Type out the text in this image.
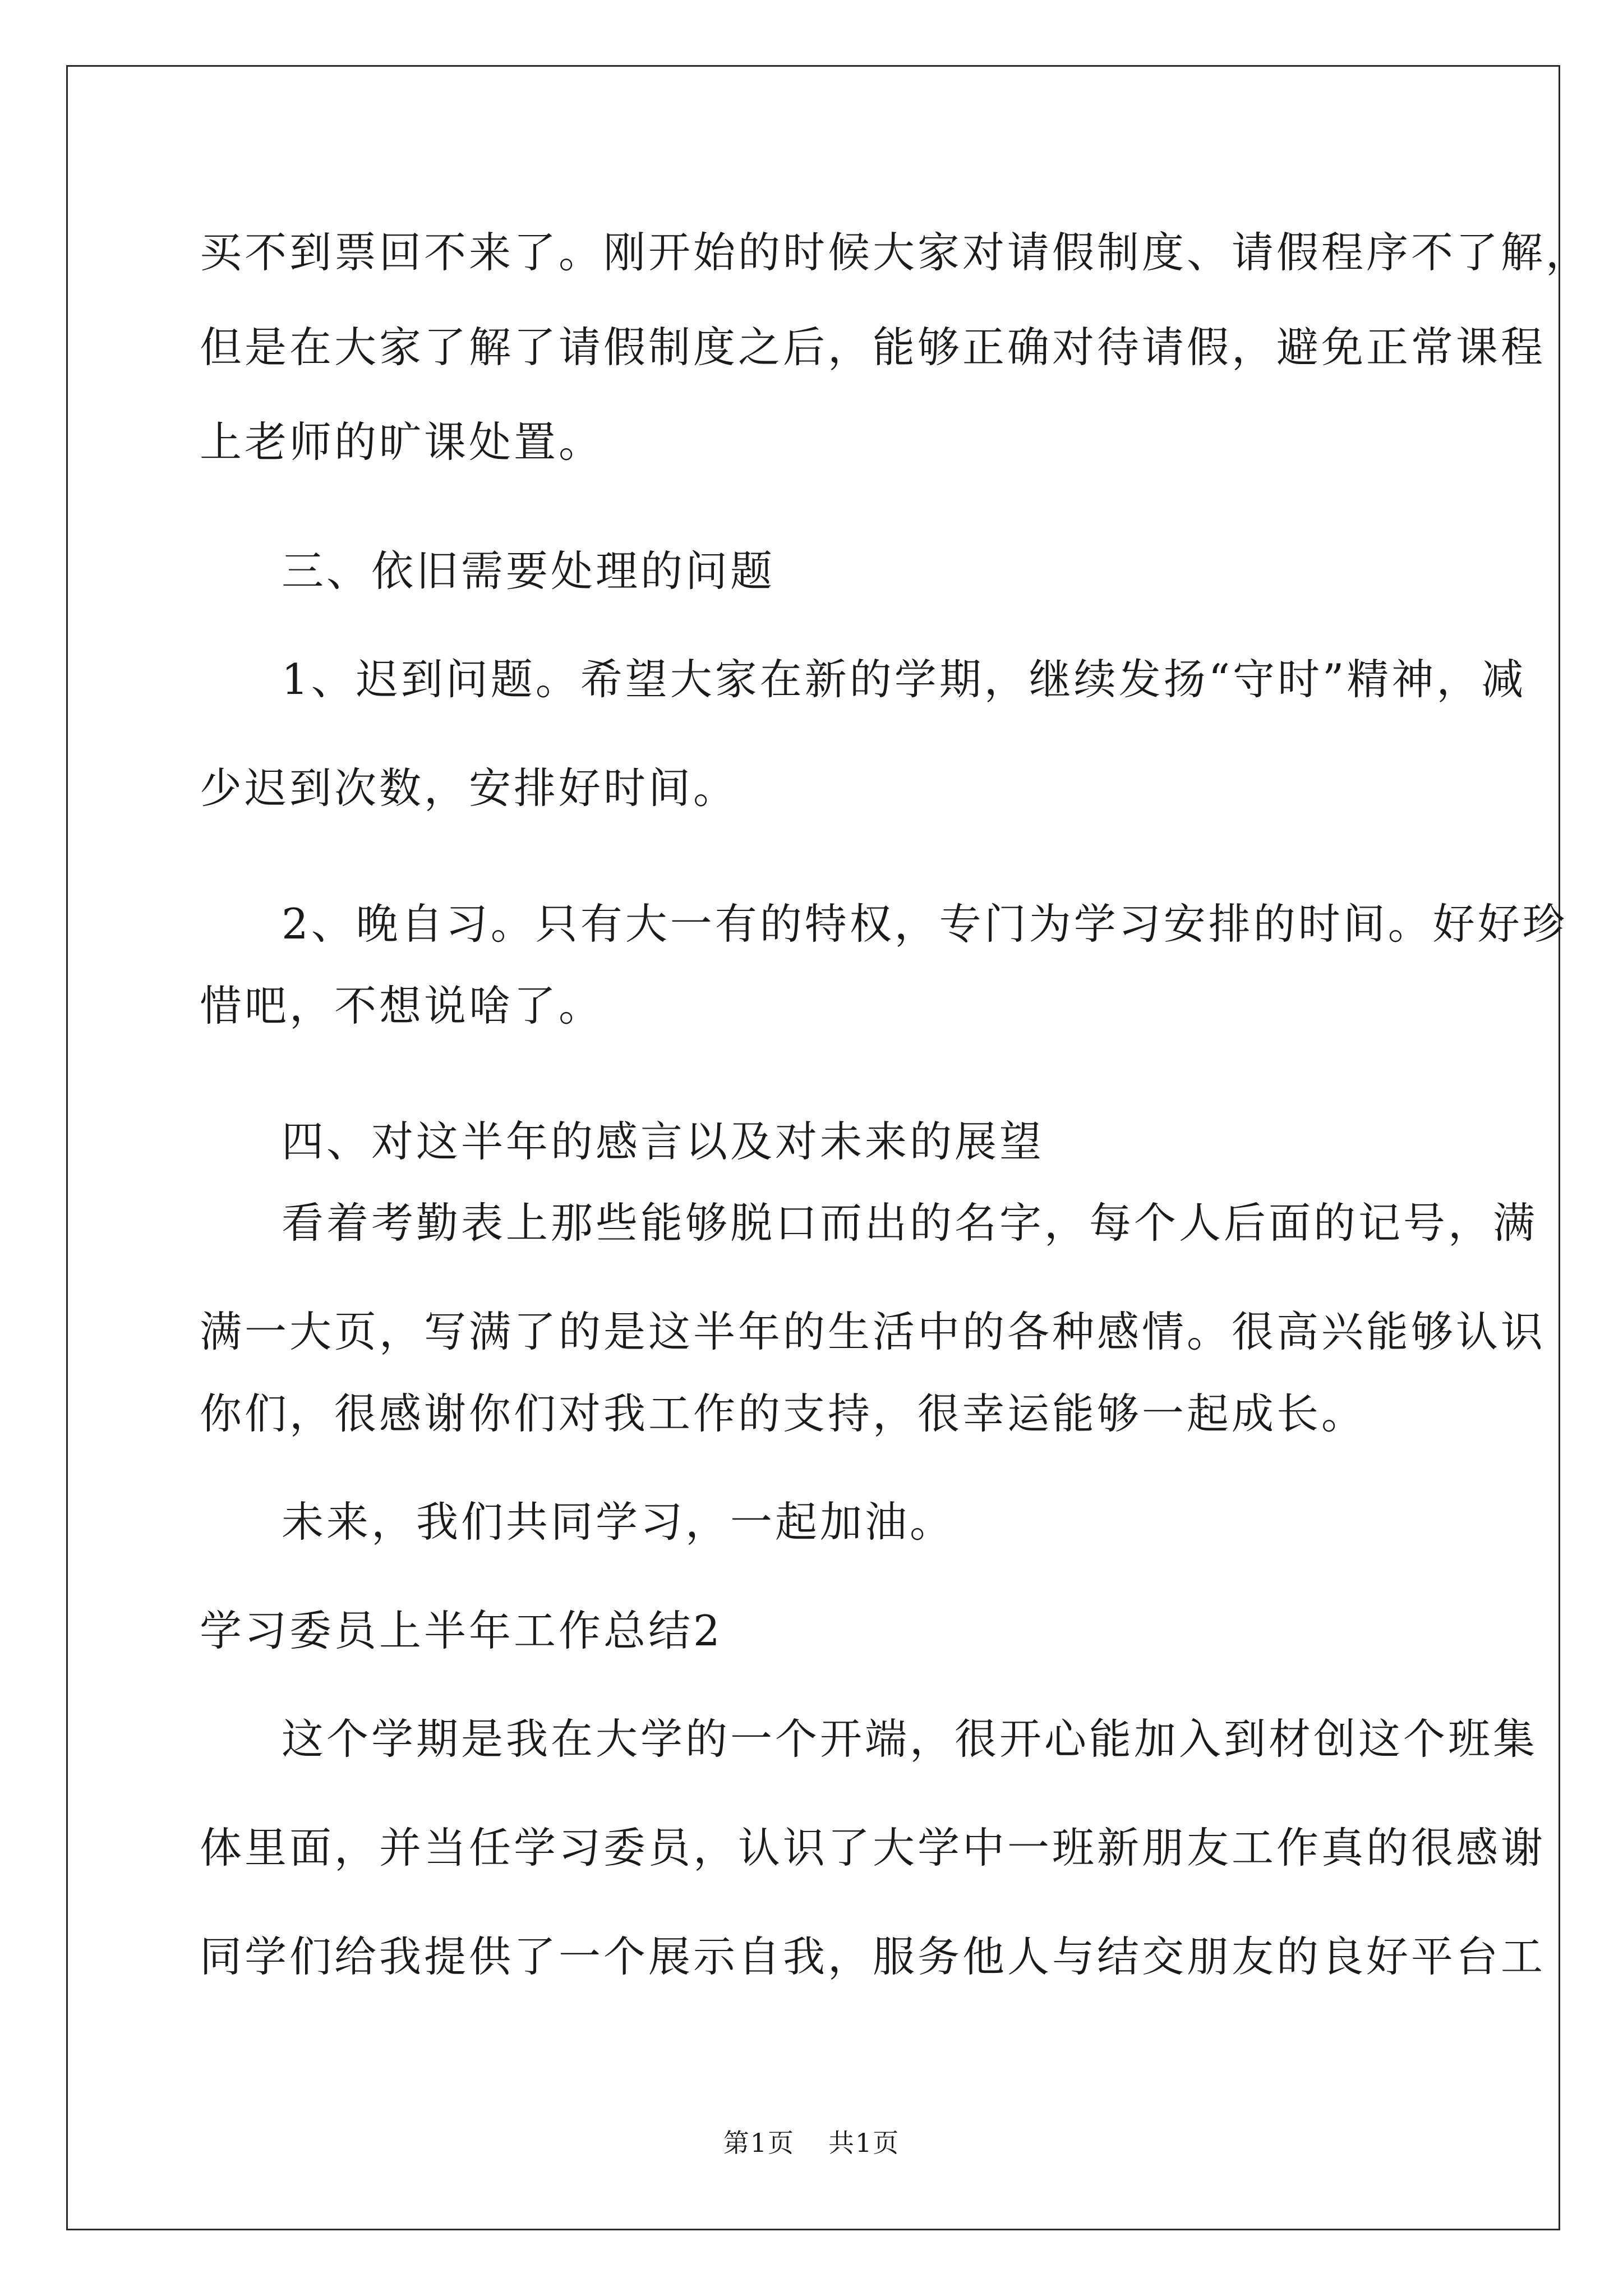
买不到票回不来了。刚开始的时候大家对请假制度、请假程序不了解，
但是在大家了解了请假制度之后，能够正确对待请假，避免正常课程
上老师的旷课处置。
三、依旧需要处理的问题
1、迟到问题。希望大家在新的学期，继续发扬“守时”精神，减
少迟到次数，安排好时间。
2、晚自习。只有大一有的特权，专门为学习安排的时间。好好珍
惜吧，不想说啥了。
四、对这半年的感言以及对未来的展望
看着考勤表上那些能够脱口而出的名字，每个人后面的记号，满
满一大页，写满了的是这半年的生活中的各种感情。很高兴能够认识
你们，很感谢你们对我工作的支持，很幸运能够一起成长。
未来，我们共同学习，一起加油。
学习委员上半年工作总结2
这个学期是我在大学的一个开端，很开心能加入到材创这个班集
体里面，并当任学习委员，认识了大学中一班新朋友工作真的很感谢
同学们给我提供了一个展示自我，服务他人与结交朋友的良好平台工
第1页 共1页
